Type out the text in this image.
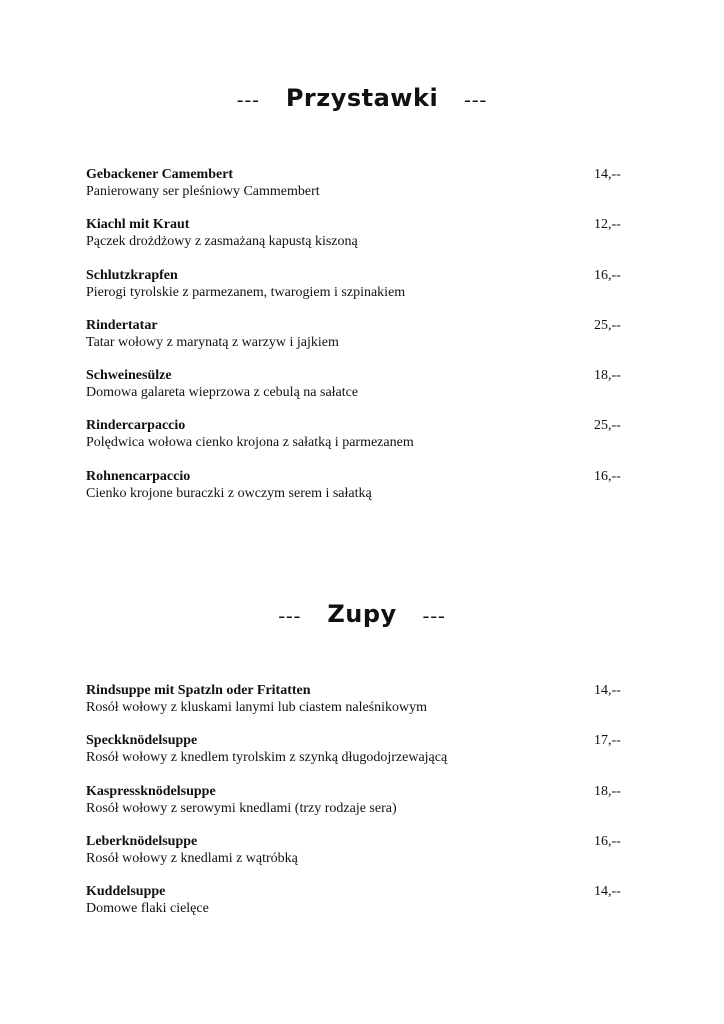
--- Przystawki ---
Gebackener Camembert
Panierowany ser pleśniowy Cammembert
14,--
Kiachl mit Kraut
Pączek drożdżowy z zasmażaną kapustą kiszoną
12,--
Schlutzkrapfen
Pierogi tyrolskie z parmezanem, twarogiem i szpinakiem
16,--
Rindertatar
Tatar wołowy z marynatą z warzyw i jajkiem
25,--
Schweinesülze
Domowa galareta wieprzowa z cebulą na sałatce
18,--
Rindercarpaccio
Polędwica wołowa cienko krojona z sałatką i parmezanem
25,--
Rohnencarpaccio
Cienko krojone buraczki z owczym serem i sałatką
16,--
--- Zupy ---
Rindsuppe mit Spatzln oder Fritatten
Rosół wołowy z kluskami lanymi lub ciastem naleśnikowym
14,--
Speckknödelsuppe
Rosół wołowy z knedlem tyrolskim z szynką długodojrzewającą
17,--
Kaspressknödelsuppe
Rosół wołowy z serowymi knedlami (trzy rodzaje sera)
18,--
Leberknödelsuppe
Rosół wołowy z knedlami z wątróbką
16,--
Kuddelsuppe
Domowe flaki cielęce
14,--
